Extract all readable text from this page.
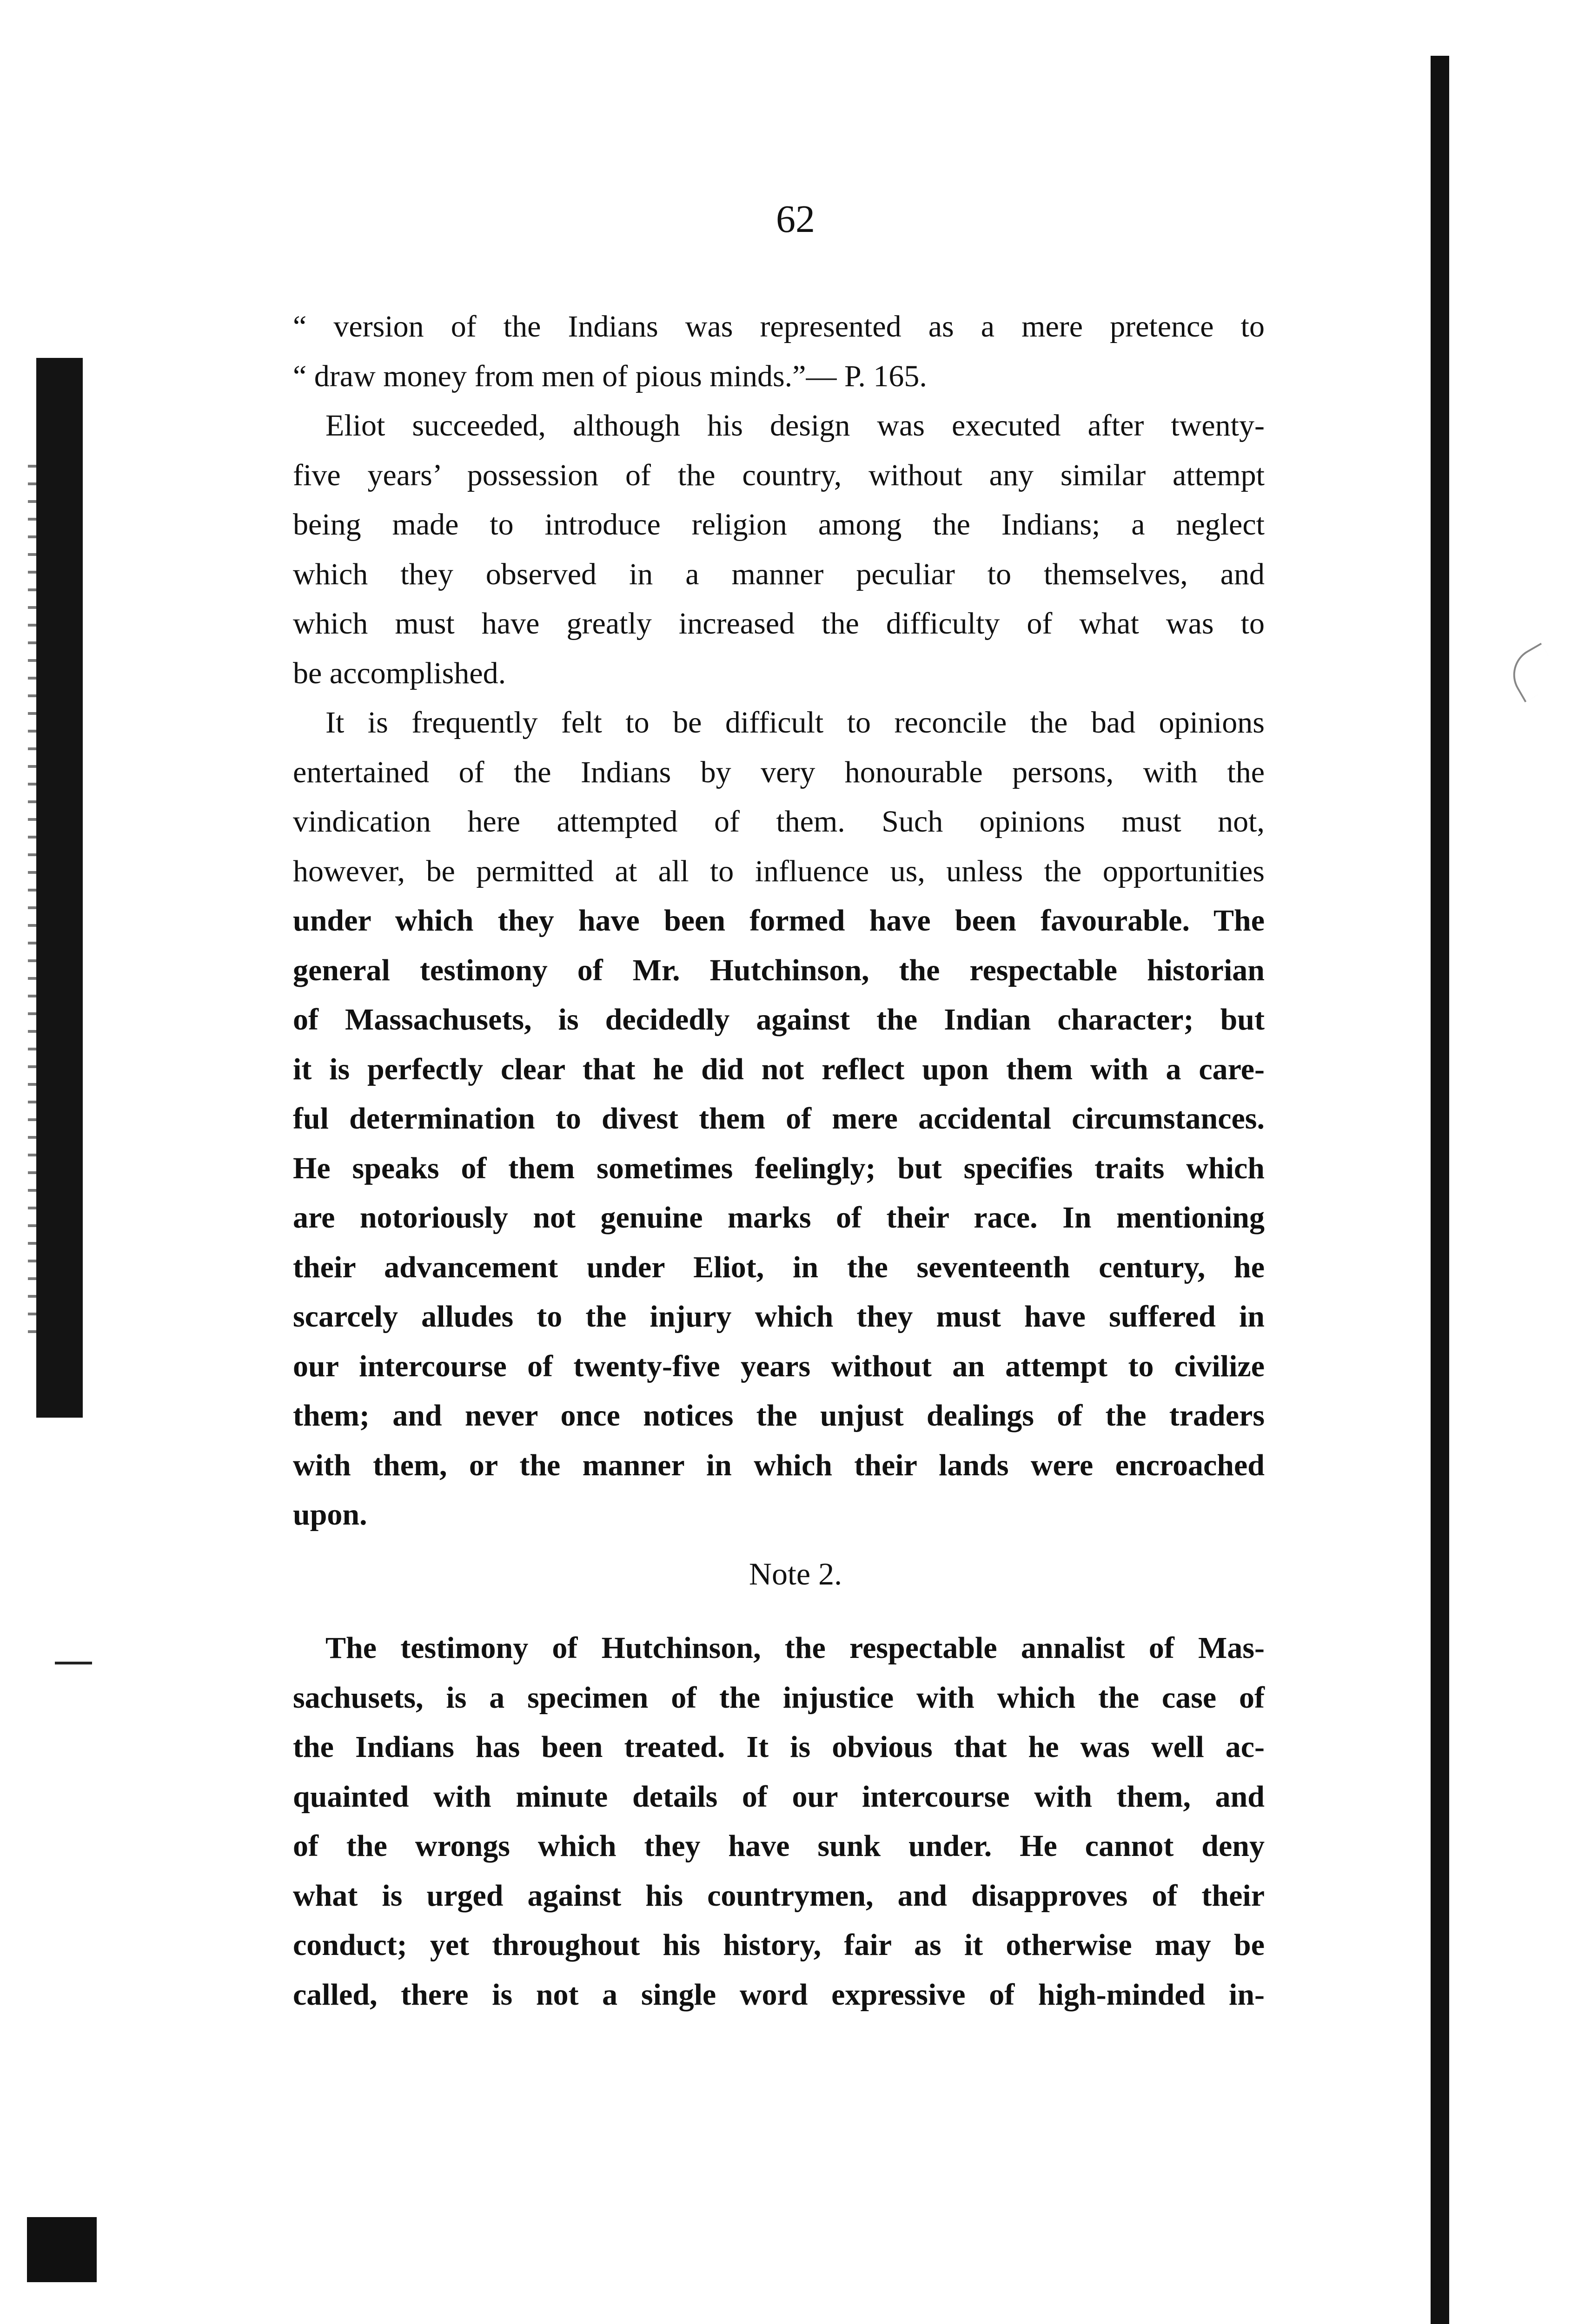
62
“ version of the Indians was represented as a mere pretence to
“ draw money from men of pious minds.”— P. 165.
Eliot succeeded, although his design was executed after twenty-
five years’ possession of the country, without any similar attempt
being made to introduce religion among the Indians; a neglect
which they observed in a manner peculiar to themselves, and
which must have greatly increased the difficulty of what was to
be accomplished.
It is frequently felt to be difficult to reconcile the bad opinions
entertained of the Indians by very honourable persons, with the
vindication here attempted of them. Such opinions must not,
however, be permitted at all to influence us, unless the opportunities
under which they have been formed have been favourable. The
general testimony of Mr. Hutchinson, the respectable historian
of Massachusets, is decidedly against the Indian character; but
it is perfectly clear that he did not reflect upon them with a care-
ful determination to divest them of mere accidental circumstances.
He speaks of them sometimes feelingly; but specifies traits which
are notoriously not genuine marks of their race. In mentioning
their advancement under Eliot, in the seventeenth century, he
scarcely alludes to the injury which they must have suffered in
our intercourse of twenty-five years without an attempt to civilize
them; and never once notices the unjust dealings of the traders
with them, or the manner in which their lands were encroached
upon.
Note 2.
The testimony of Hutchinson, the respectable annalist of Mas-
sachusets, is a specimen of the injustice with which the case of
the Indians has been treated. It is obvious that he was well ac-
quainted with minute details of our intercourse with them, and
of the wrongs which they have sunk under. He cannot deny
what is urged against his countrymen, and disapproves of their
conduct; yet throughout his history, fair as it otherwise may be
called, there is not a single word expressive of high-minded in-
